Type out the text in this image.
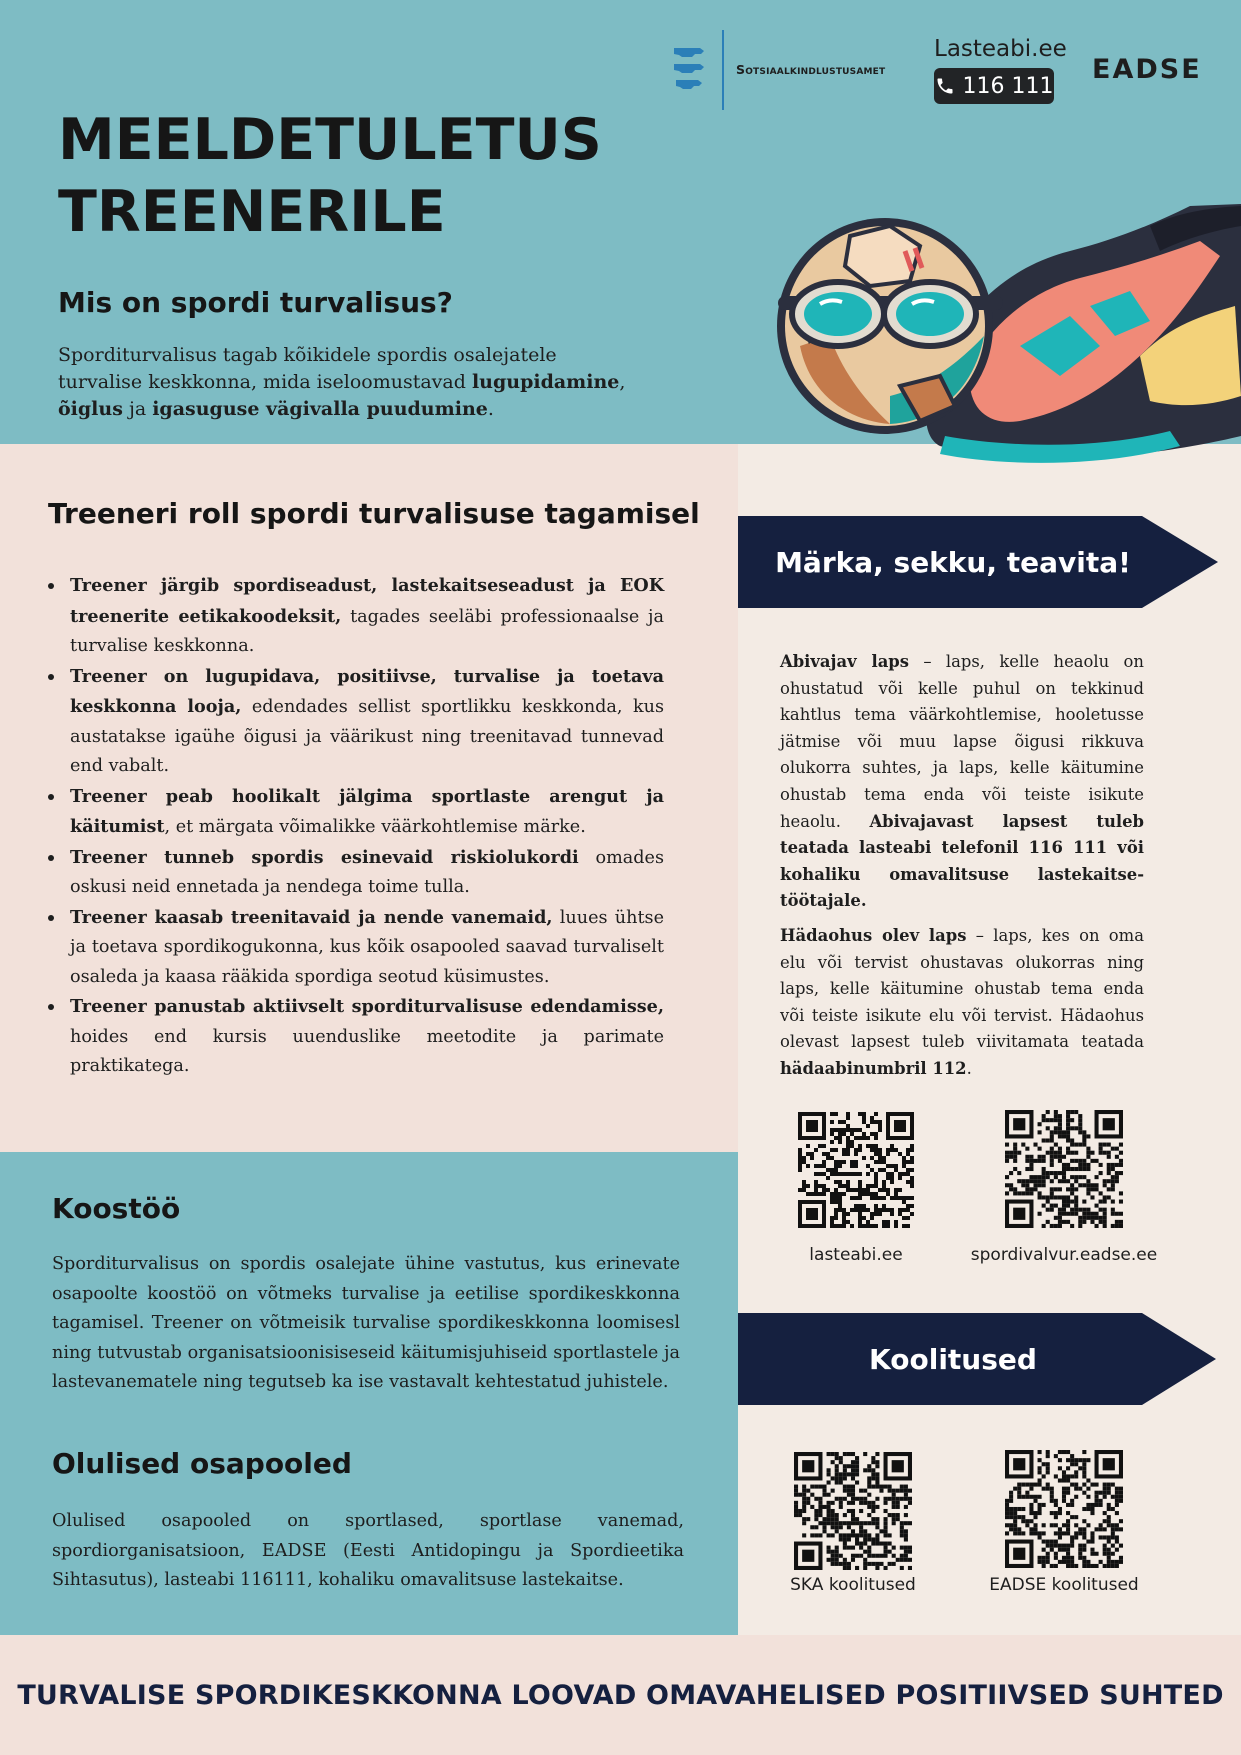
Sotsiaalkindlustusamet
Lasteabi.ee
116 111
EADSE
MEELDETULETUS
TREENERILE
Mis on spordi turvalisus?

Sporditurvalisus tagab kõikidele spordis osalejatele turvalise keskkonna, mida iseloomustavad lugupidamine, õiglus ja igasuguse vägivalla puudumine.

Treeneri roll spordi turvalisuse tagamisel
Treener järgib spordiseadust, lastekaitseseadust ja EOK treenerite eetikakoodeksit, tagades seeläbi professionaalse ja turvalise keskkonna.
Treener on lugupidava, positiivse, turvalise ja toetava keskkonna looja, edendades sellist sportlikku keskkonda, kus austatakse igaühe õigusi ja väärikust ning treenitavad tunnevad end vabalt.
Treener peab hoolikalt jälgima sportlaste arengut ja käitumist, et märgata võimalikke väärkohtlemise märke.
Treener tunneb spordis esinevaid riskiolukordi omades oskusi neid ennetada ja nendega toime tulla.
Treener kaasab treenitavaid ja nende vanemaid, luues ühtse ja toetava spordikogukonna, kus kõik osapooled saavad turvaliselt osaleda ja kaasa rääkida spordiga seotud küsimustes.
Treener panustab aktiivselt sporditurvalisuse edendamisse, hoides end kursis uuenduslike meetodite ja parimate praktikatega.
Koostöö

Sporditurvalisus on spordis osalejate ühine vastutus, kus erinevate osapoolte koostöö on võtmeks turvalise ja eetilise spordikeskkonna tagamisel. Treener on võtmeisik turvalise spordikeskkonna loomisesl ning tutvustab organisatsioonisiseseid käitumisjuhiseid sportlastele ja lastevanematele ning tegutseb ka ise vastavalt kehtestatud juhistele.

Olulised osapooled

Olulised osapooled on sportlased, sportlase vanemad, spordiorganisatsioon, EADSE (Eesti Antidopingu ja Spordieetika Sihtasutus), lasteabi 116111, kohaliku omavalitsuse lastekaitse.

Märka, sekku, teavita!

Abivajav laps – laps, kelle heaolu on ohustatud või kelle puhul on tekkinud kahtlus tema väärkohtlemise, hooletusse jätmise või muu lapse õigusi rikkuva olukorra suhtes, ja laps, kelle käitumine ohustab tema enda või teiste isikute heaolu. Abivajavast lapsest tuleb teatada lasteabi telefonil 116 111 või kohaliku omavalitsuse lastekaitse-töötajale.

Hädaohus olev laps – laps, kes on oma elu või tervist ohustavas olukorras ning laps, kelle käitumine ohustab tema enda või teiste isikute elu või tervist. Hädaohus olevast lapsest tuleb viivitamata teatada hädaabinumbril 112.

lasteabi.ee	spordivalvur.eadse.ee
Koolitused
SKA koolitused	EADSE koolitused
TURVALISE SPORDIKESKKONNA LOOVAD OMAVAHELISED POSITIIVSED SUHTED
